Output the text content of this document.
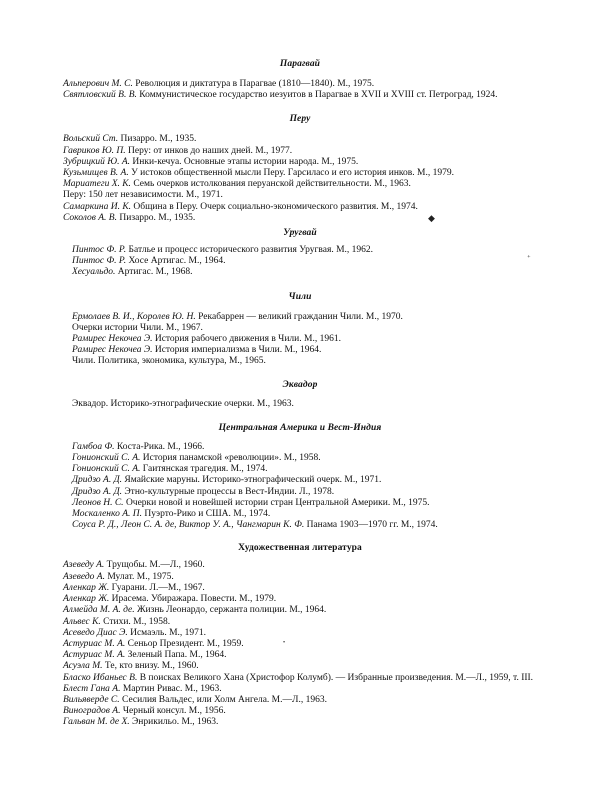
Парагвай

Альперович М. С. Революция и диктатура в Парагвае (1810—1840). М., 1975.

Святловский В. В. Коммунистическое государство иезуитов в Парагвае в XVII и XVIII ст. Петроград, 1924.

Перу

Вольский Ст. Пизарро. М., 1935.

Гавриков Ю. П. Перу: от инков до наших дней. М., 1977.

Зубрицкий Ю. А. Инки-кечуа. Основные этапы истории народа. М., 1975.

Кузьмищев В. А. У истоков общественной мысли Перу. Гарсиласо и его история инков. М., 1979.

Мариатеги Х. К. Семь очерков истолкования перуанской действительности. М., 1963.

Перу: 150 лет независимости. М., 1971.

Самаркина И. К. Община в Перу. Очерк социально-экономического развития. М., 1974.

Соколов А. В. Пизарро. М., 1935.

Уругвай

Пинтос Ф. Р. Батлье и процесс исторического развития Уругвая. М., 1962.

Пинтос Ф. Р. Хосе Артигас. М., 1964.

Хесуальдо. Артигас. М., 1968.

Чили

Ермолаев В. И., Королев Ю. Н. Рекабаррен — великий гражданин Чили. М., 1970.

Очерки истории Чили. М., 1967.

Рамирес Некочеа Э. История рабочего движения в Чили. М., 1961.

Рамирес Некочеа Э. История империализма в Чили. М., 1964.

Чили. Политика, экономика, культура, М., 1965.

Эквадор

Эквадор. Историко-этнографические очерки. М., 1963.

Центральная Америка и Вест-Индия

Гамбоа Ф. Коста-Рика. М., 1966.

Гонионский С. А. История панамской «революции». М., 1958.

Гонионский С. А. Гаитянская трагедия. М., 1974.

Дридзо А. Д. Ямайские маруны. Историко-этнографический очерк. М., 1971.

Дридзо А. Д. Этно-культурные процессы в Вест-Индии. Л., 1978.

Леонов Н. С. Очерки новой и новейшей истории стран Центральной Америки. М., 1975.

Москаленко А. П. Пуэрто-Рико и США. М., 1974.

Соуса Р. Д., Леон С. А. де, Виктор У. А., Чангмарин К. Ф. Панама 1903—1970 гг. М., 1974.

Художественная литература

Азеведу А. Трущобы. М.—Л., 1960.

Азеведо А. Мулат. М., 1975.

Аленкар Ж. Гуарани. Л.—М., 1967.

Аленкар Ж. Ирасема. Убиражара. Повести. М., 1979.

Алмейда М. А. де. Жизнь Леонардо, сержанта полиции. М., 1964.

Альвес К. Стихи. М., 1958.

Асеведо Диас Э. Исмаэль. М., 1971.

Астуриас М. А. Сеньор Президент. М., 1959.

Астуриас М. А. Зеленый Папа. М., 1964.

Асуэла М. Те, кто внизу. М., 1960.

Бласко Ибаньес В. В поисках Великого Хана (Христофор Колумб). — Избранные произведения. М.—Л., 1959, т. III.

Блест Гана А. Мартин Ривас. М., 1963.

Вильяверде С. Сесилия Вальдес, или Холм Ангела. М.—Л., 1963.

Виноградов А. Черный консул. М., 1956.

Гальван М. де Х. Энрикильо. М., 1963.

◆
⁺
•
